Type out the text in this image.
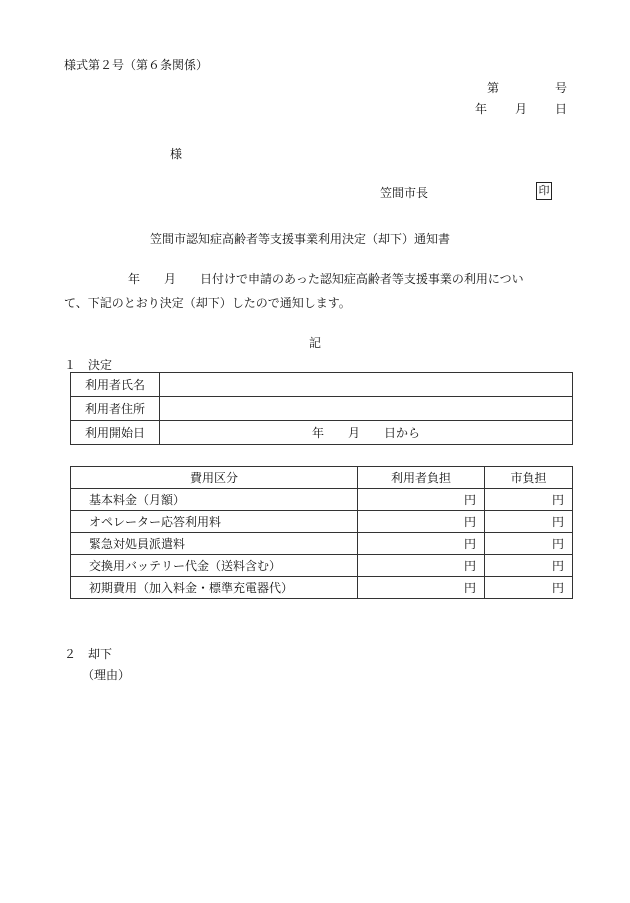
様式第２号（第６条関係）
第	号
年 月 日
様
笠間市長	印
笠間市認知症高齢者等支援事業利用決定（却下）通知書
年　　月　　日付けで申請のあった認知症高齢者等支援事業の利用につい
て、下記のとおり決定（却下）したので通知します。
記
１　決定
利用者氏名	
利用者住所	
利用開始日	年　　月　　日から
費用区分	利用者負担	市負担
基本料金（月額）	円	円
オペレーター応答利用料	円	円
緊急対処員派遣料	円	円
交換用バッテリー代金（送料含む）	円	円
初期費用（加入料金・標準充電器代）	円	円
２　却下
（理由）
